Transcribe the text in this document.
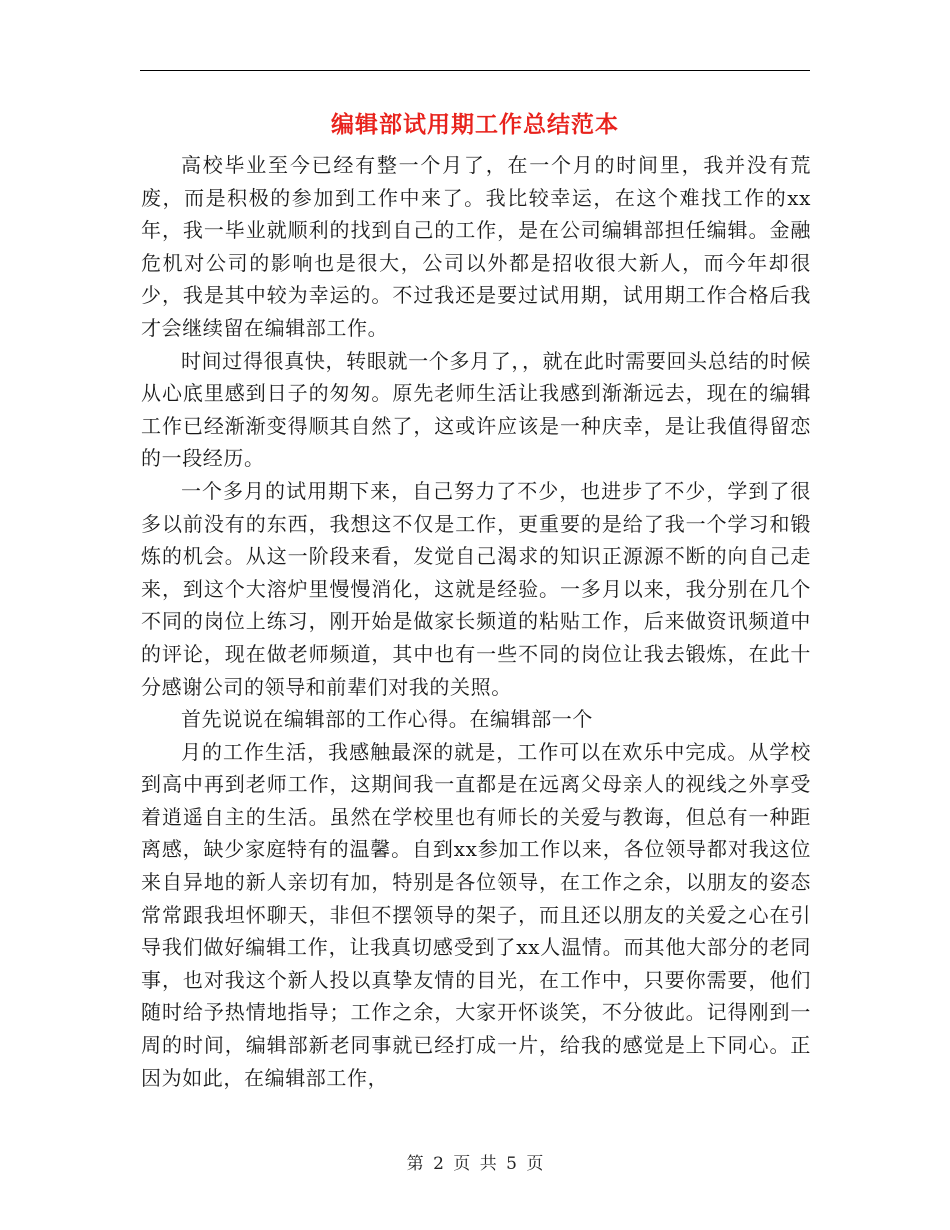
编辑部试用期工作总结范本

高校毕业至今已经有整一个月了，在一个月的时间里，我并没有荒废，而是积极的参加到工作中来了。我比较幸运，在这个难找工作的xx年，我一毕业就顺利的找到自己的工作，是在公司编辑部担任编辑。金融危机对公司的影响也是很大，公司以外都是招收很大新人，而今年却很少，我是其中较为幸运的。不过我还是要过试用期，试用期工作合格后我才会继续留在编辑部工作。

时间过得很真快，转眼就一个多月了，，就在此时需要回头总结的时候从心底里感到日子的匆匆。原先老师生活让我感到渐渐远去，现在的编辑工作已经渐渐变得顺其自然了，这或许应该是一种庆幸，是让我值得留恋的一段经历。

一个多月的试用期下来，自己努力了不少，也进步了不少，学到了很多以前没有的东西，我想这不仅是工作，更重要的是给了我一个学习和锻炼的机会。从这一阶段来看，发觉自己渴求的知识正源源不断的向自己走来，到这个大溶炉里慢慢消化，这就是经验。一多月以来，我分别在几个不同的岗位上练习，刚开始是做家长频道的粘贴工作，后来做资讯频道中的评论，现在做老师频道，其中也有一些不同的岗位让我去锻炼，在此十分感谢公司的领导和前辈们对我的关照。

首先说说在编辑部的工作心得。在编辑部一个

月的工作生活，我感触最深的就是，工作可以在欢乐中完成。从学校到高中再到老师工作，这期间我一直都是在远离父母亲人的视线之外享受着逍遥自主的生活。虽然在学校里也有师长的关爱与教诲，但总有一种距离感，缺少家庭特有的温馨。自到xx参加工作以来，各位领导都对我这位来自异地的新人亲切有加，特别是各位领导，在工作之余，以朋友的姿态常常跟我坦怀聊天，非但不摆领导的架子，而且还以朋友的关爱之心在引导我们做好编辑工作，让我真切感受到了xx人温情。而其他大部分的老同事，也对我这个新人投以真挚友情的目光，在工作中，只要你需要，他们随时给予热情地指导；工作之余，大家开怀谈笑，不分彼此。记得刚到一周的时间，编辑部新老同事就已经打成一片，给我的感觉是上下同心。正因为如此，在编辑部工作，

第 2 页 共 5 页
